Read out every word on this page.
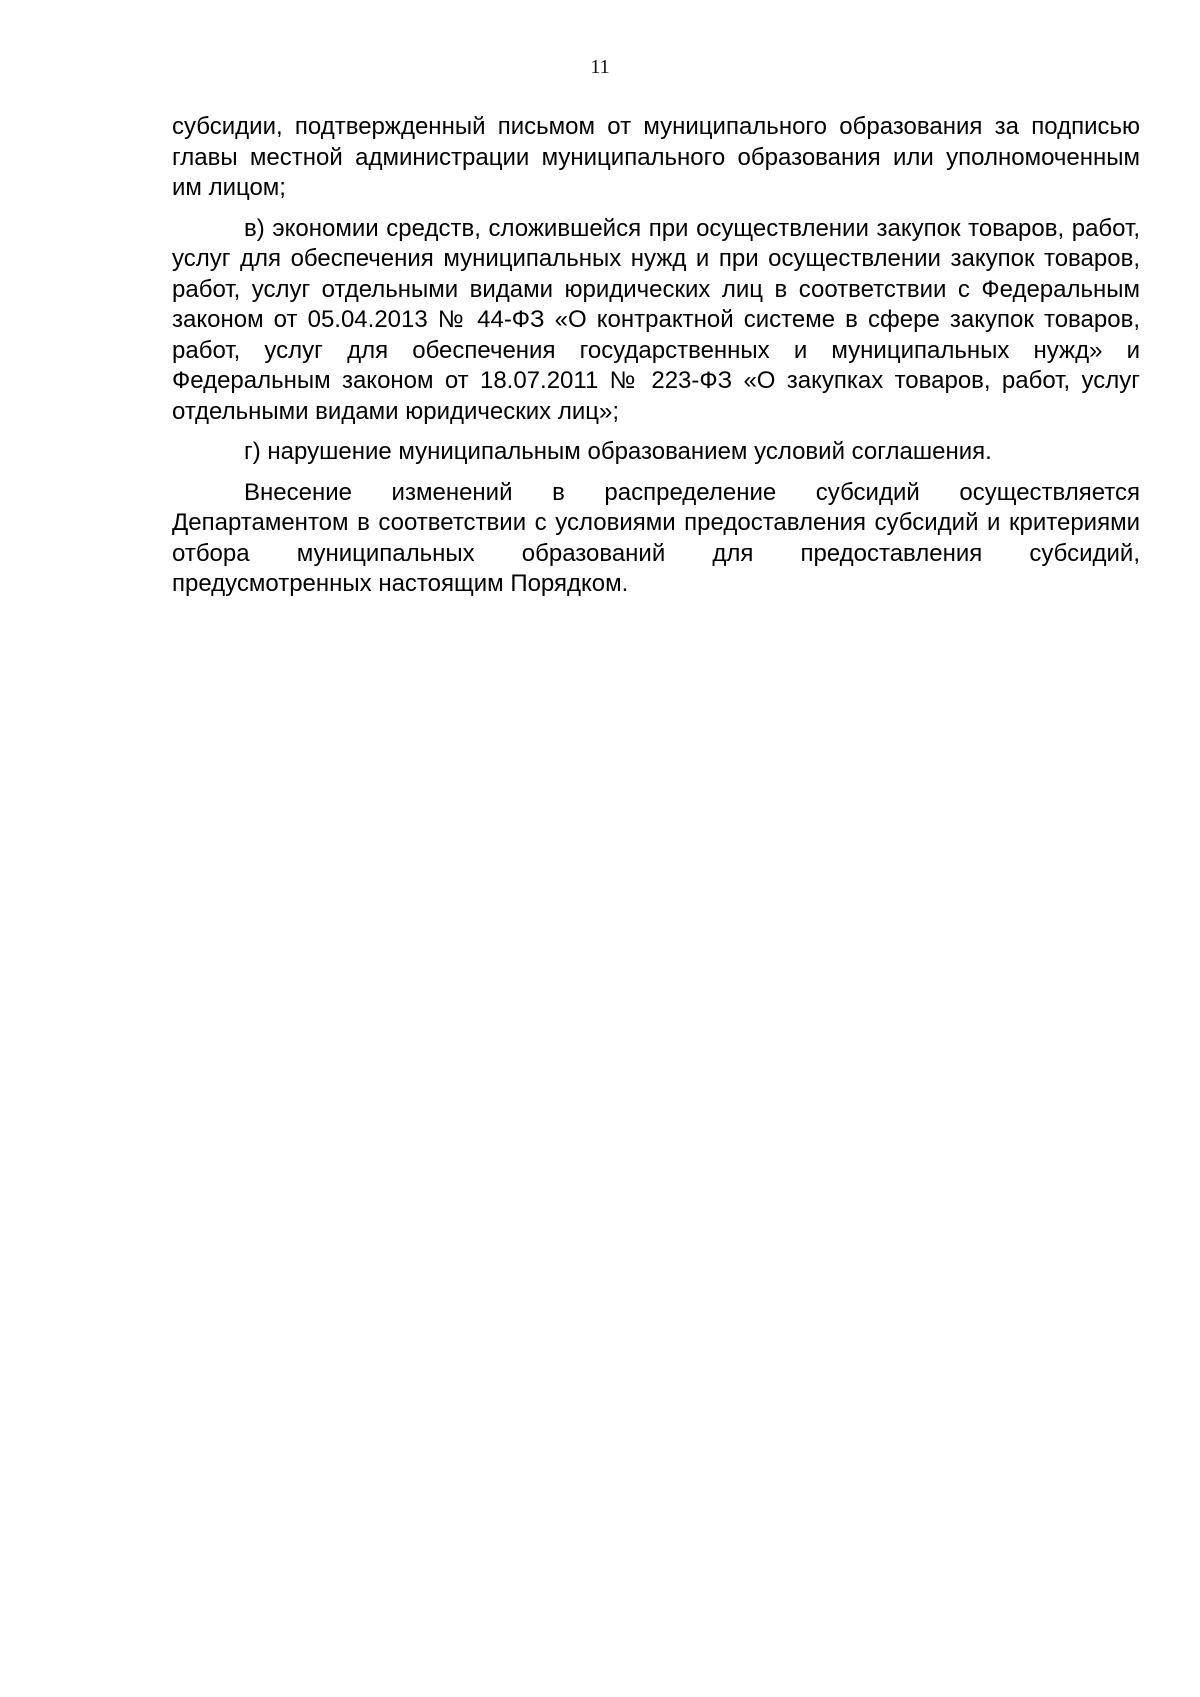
11

субсидии, подтвержденный письмом от муниципального образования за подписью главы местной администрации муниципального образования или уполномоченным им лицом;

в) экономии средств, сложившейся при осуществлении закупок товаров, работ, услуг для обеспечения муниципальных нужд и при осуществлении закупок товаров, работ, услуг отдельными видами юридических лиц в соответствии с Федеральным законом от 05.04.2013 № 44-ФЗ «О контрактной системе в сфере закупок товаров, работ, услуг для обеспечения государственных и муниципальных нужд» и Федеральным законом от 18.07.2011 № 223-ФЗ «О закупках товаров, работ, услуг отдельными видами юридических лиц»;

г) нарушение муниципальным образованием условий соглашения.

Внесение изменений в распределение субсидий осуществляется Департаментом в соответствии с условиями предоставления субсидий и критериями отбора муниципальных образований для предоставления субсидий, предусмотренных настоящим Порядком.
